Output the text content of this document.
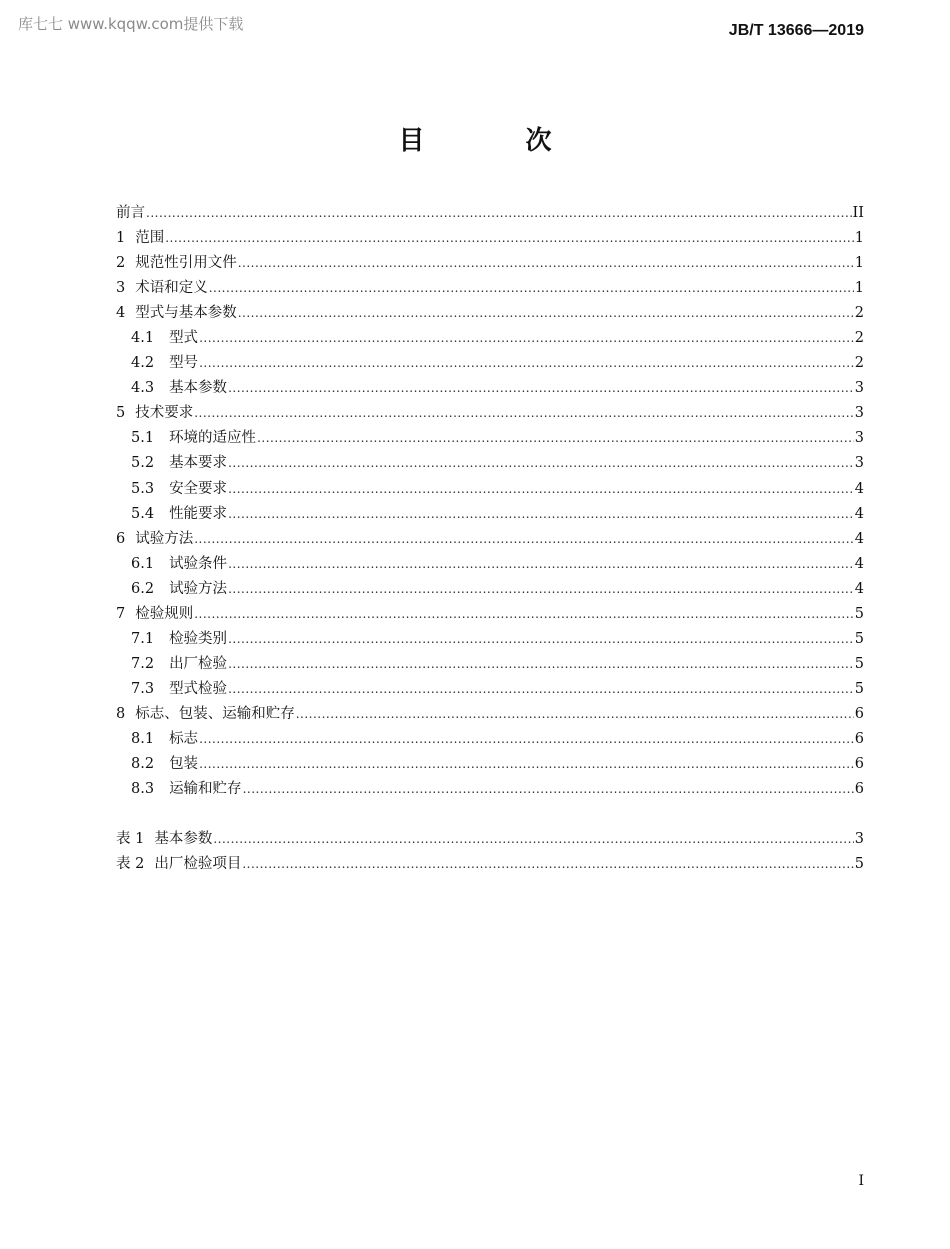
库七七 www.kqqw.com提供下载	JB/T 13666—2019
目 次
前言 .....	II
1 范围 .....	1
2 规范性引用文件 .....	1
3 术语和定义 .....	1
4 型式与基本参数 .....	2
4.1 型式 .....	2
4.2 型号 .....	2
4.3 基本参数 .....	3
5 技术要求 .....	3
5.1 环境的适应性 .....	3
5.2 基本要求 .....	3
5.3 安全要求 .....	4
5.4 性能要求 .....	4
6 试验方法 .....	4
6.1 试验条件 .....	4
6.2 试验方法 .....	4
7 检验规则 .....	5
7.1 检验类别 .....	5
7.2 出厂检验 .....	5
7.3 型式检验 .....	5
8 标志、包装、运输和贮存 .....	6
8.1 标志 .....	6
8.2 包装 .....	6
8.3 运输和贮存 .....	6
表 1 基本参数 .....	3
表 2 出厂检验项目 .....	5
I
